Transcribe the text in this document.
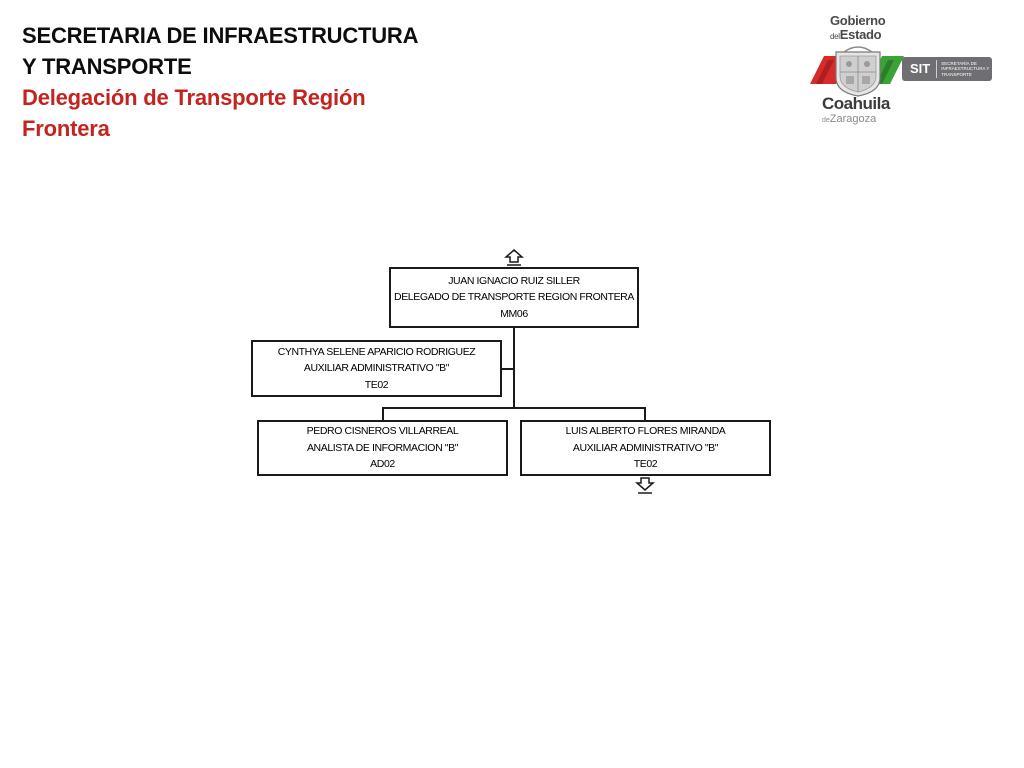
SECRETARIA DE INFRAESTRUCTURA
Y TRANSPORTE
Delegación de Transporte Región
Frontera
Gobierno
delEstado
SIT	SECRETARÍA DE INFRAESTRUCTURA Y TRANSPORTE
Coahuila
deZaragoza
JUAN IGNACIO RUIZ SILLER
DELEGADO DE TRANSPORTE REGION FRONTERA
MM06
CYNTHYA SELENE APARICIO RODRIGUEZ
AUXILIAR ADMINISTRATIVO "B"
TE02
PEDRO CISNEROS VILLARREAL
ANALISTA DE INFORMACION "B"
AD02
LUIS ALBERTO FLORES MIRANDA
AUXILIAR ADMINISTRATIVO "B"
TE02
